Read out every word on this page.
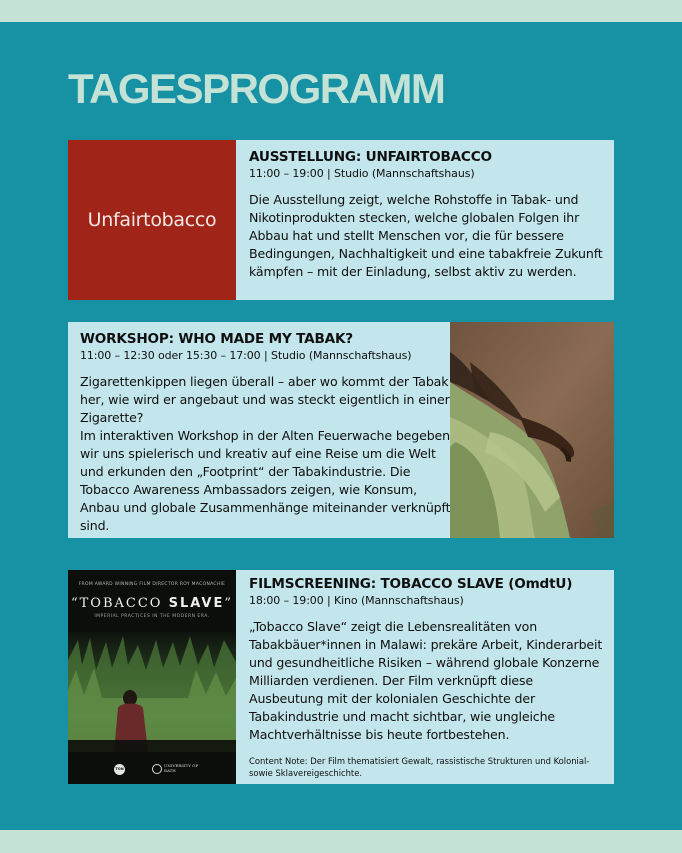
TAGESPROGRAMM
Unfairtobacco
AUSSTELLUNG: UNFAIRTOBACCO
11:00 – 19:00 | Studio (Mannschaftshaus)
Die Ausstellung zeigt, welche Rohstoffe in Tabak- und Nikotinprodukten stecken, welche globalen Folgen ihr Abbau hat und stellt Menschen vor, die für bessere Bedingungen, Nachhaltigkeit und eine tabakfreie Zukunft kämpfen – mit der Einladung, selbst aktiv zu werden.
WORKSHOP: WHO MADE MY TABAK?
11:00 – 12:30 oder 15:30 – 17:00 | Studio (Mannschaftshaus)
Zigarettenkippen liegen überall – aber wo kommt der Tabak her, wie wird er angebaut und was steckt eigentlich in einer Zigarette?
Im interaktiven Workshop in der Alten Feuerwache begeben wir uns spielerisch und kreativ auf eine Reise um die Welt und erkunden den „Footprint“ der Tabakindustrie. Die Tobacco Awareness Ambassadors zeigen, wie Konsum, Anbau und globale Zusammenhänge miteinander verknüpft sind.
FROM AWARD WINNING FILM DIRECTOR ROY MACONACHIE
“TOBACCO SLAVE”
IMPERIAL PRACTICES IN THE MODERN ERA.
TON
UNIVERSITY OF
BATH
FILMSCREENING: TOBACCO SLAVE (OmdtU)
18:00 – 19:00 | Kino (Mannschaftshaus)
„Tobacco Slave“ zeigt die Lebensrealitäten von Tabakbäuer*innen in Malawi: prekäre Arbeit, Kinderarbeit und gesundheitliche Risiken – während globale Konzerne Milliarden verdienen. Der Film verknüpft diese Ausbeutung mit der kolonialen Geschichte der Tabakindustrie und macht sichtbar, wie ungleiche Machtverhältnisse bis heute fortbestehen.
Content Note: Der Film thematisiert Gewalt, rassistische Strukturen und Kolonial- sowie Sklavereigeschichte.
